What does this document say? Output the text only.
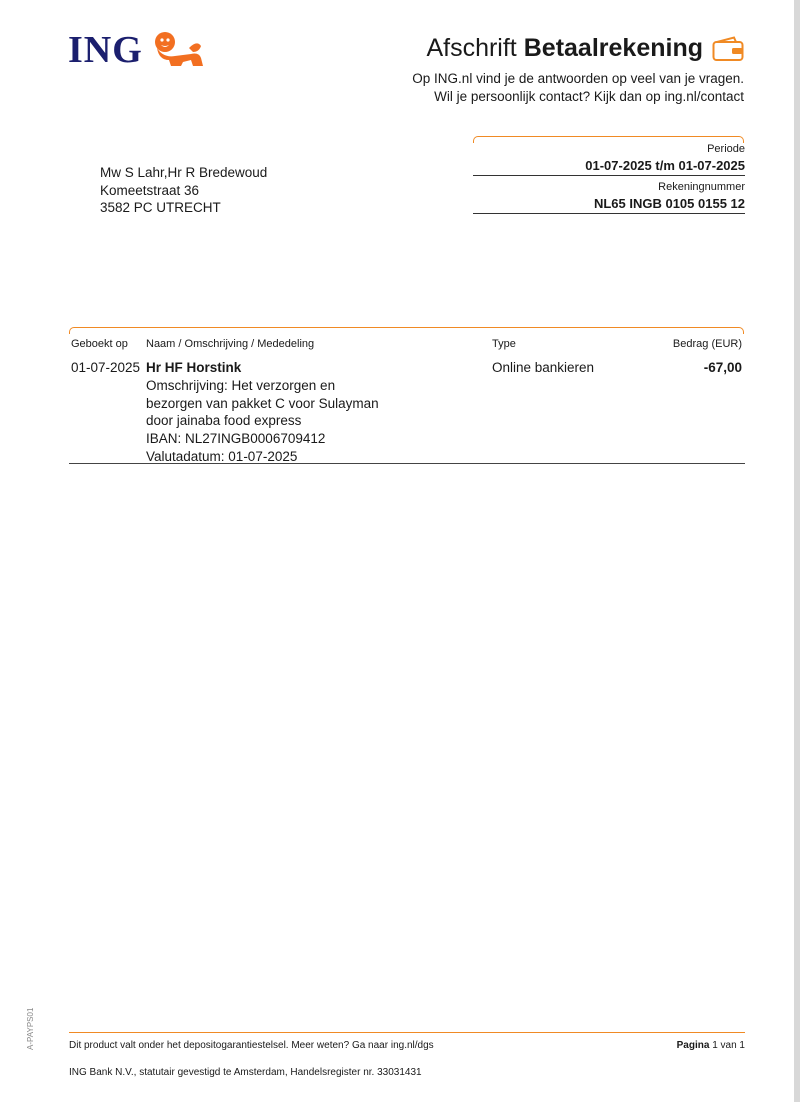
ING	Afschrift Betaalrekening
Op ING.nl vind je de antwoorden op veel van je vragen.
Wil je persoonlijk contact? Kijk dan op ing.nl/contact
Mw S Lahr,Hr R Bredewoud
Komeetstraat 36
3582 PC UTRECHT
Periode
01-07-2025 t/m 01-07-2025
Rekeningnummer
NL65 INGB 0105 0155 12
Geboekt op Naam / Omschrijving / Mededeling	Type	Bedrag (EUR)
01-07-2025 Hr HF Horstink
Omschrijving: Het verzorgen en
bezorgen van pakket C voor Sulayman
door jainaba food express
IBAN: NL27INGB0006709412
Valutadatum: 01-07-2025
Online bankieren	-67,00
A-PAYPS01	Dit product valt onder het depositogarantiestelsel. Meer weten? Ga naar ing.nl/dgs	Pagina 1 van 1
ING Bank N.V., statutair gevestigd te Amsterdam, Handelsregister nr. 33031431
